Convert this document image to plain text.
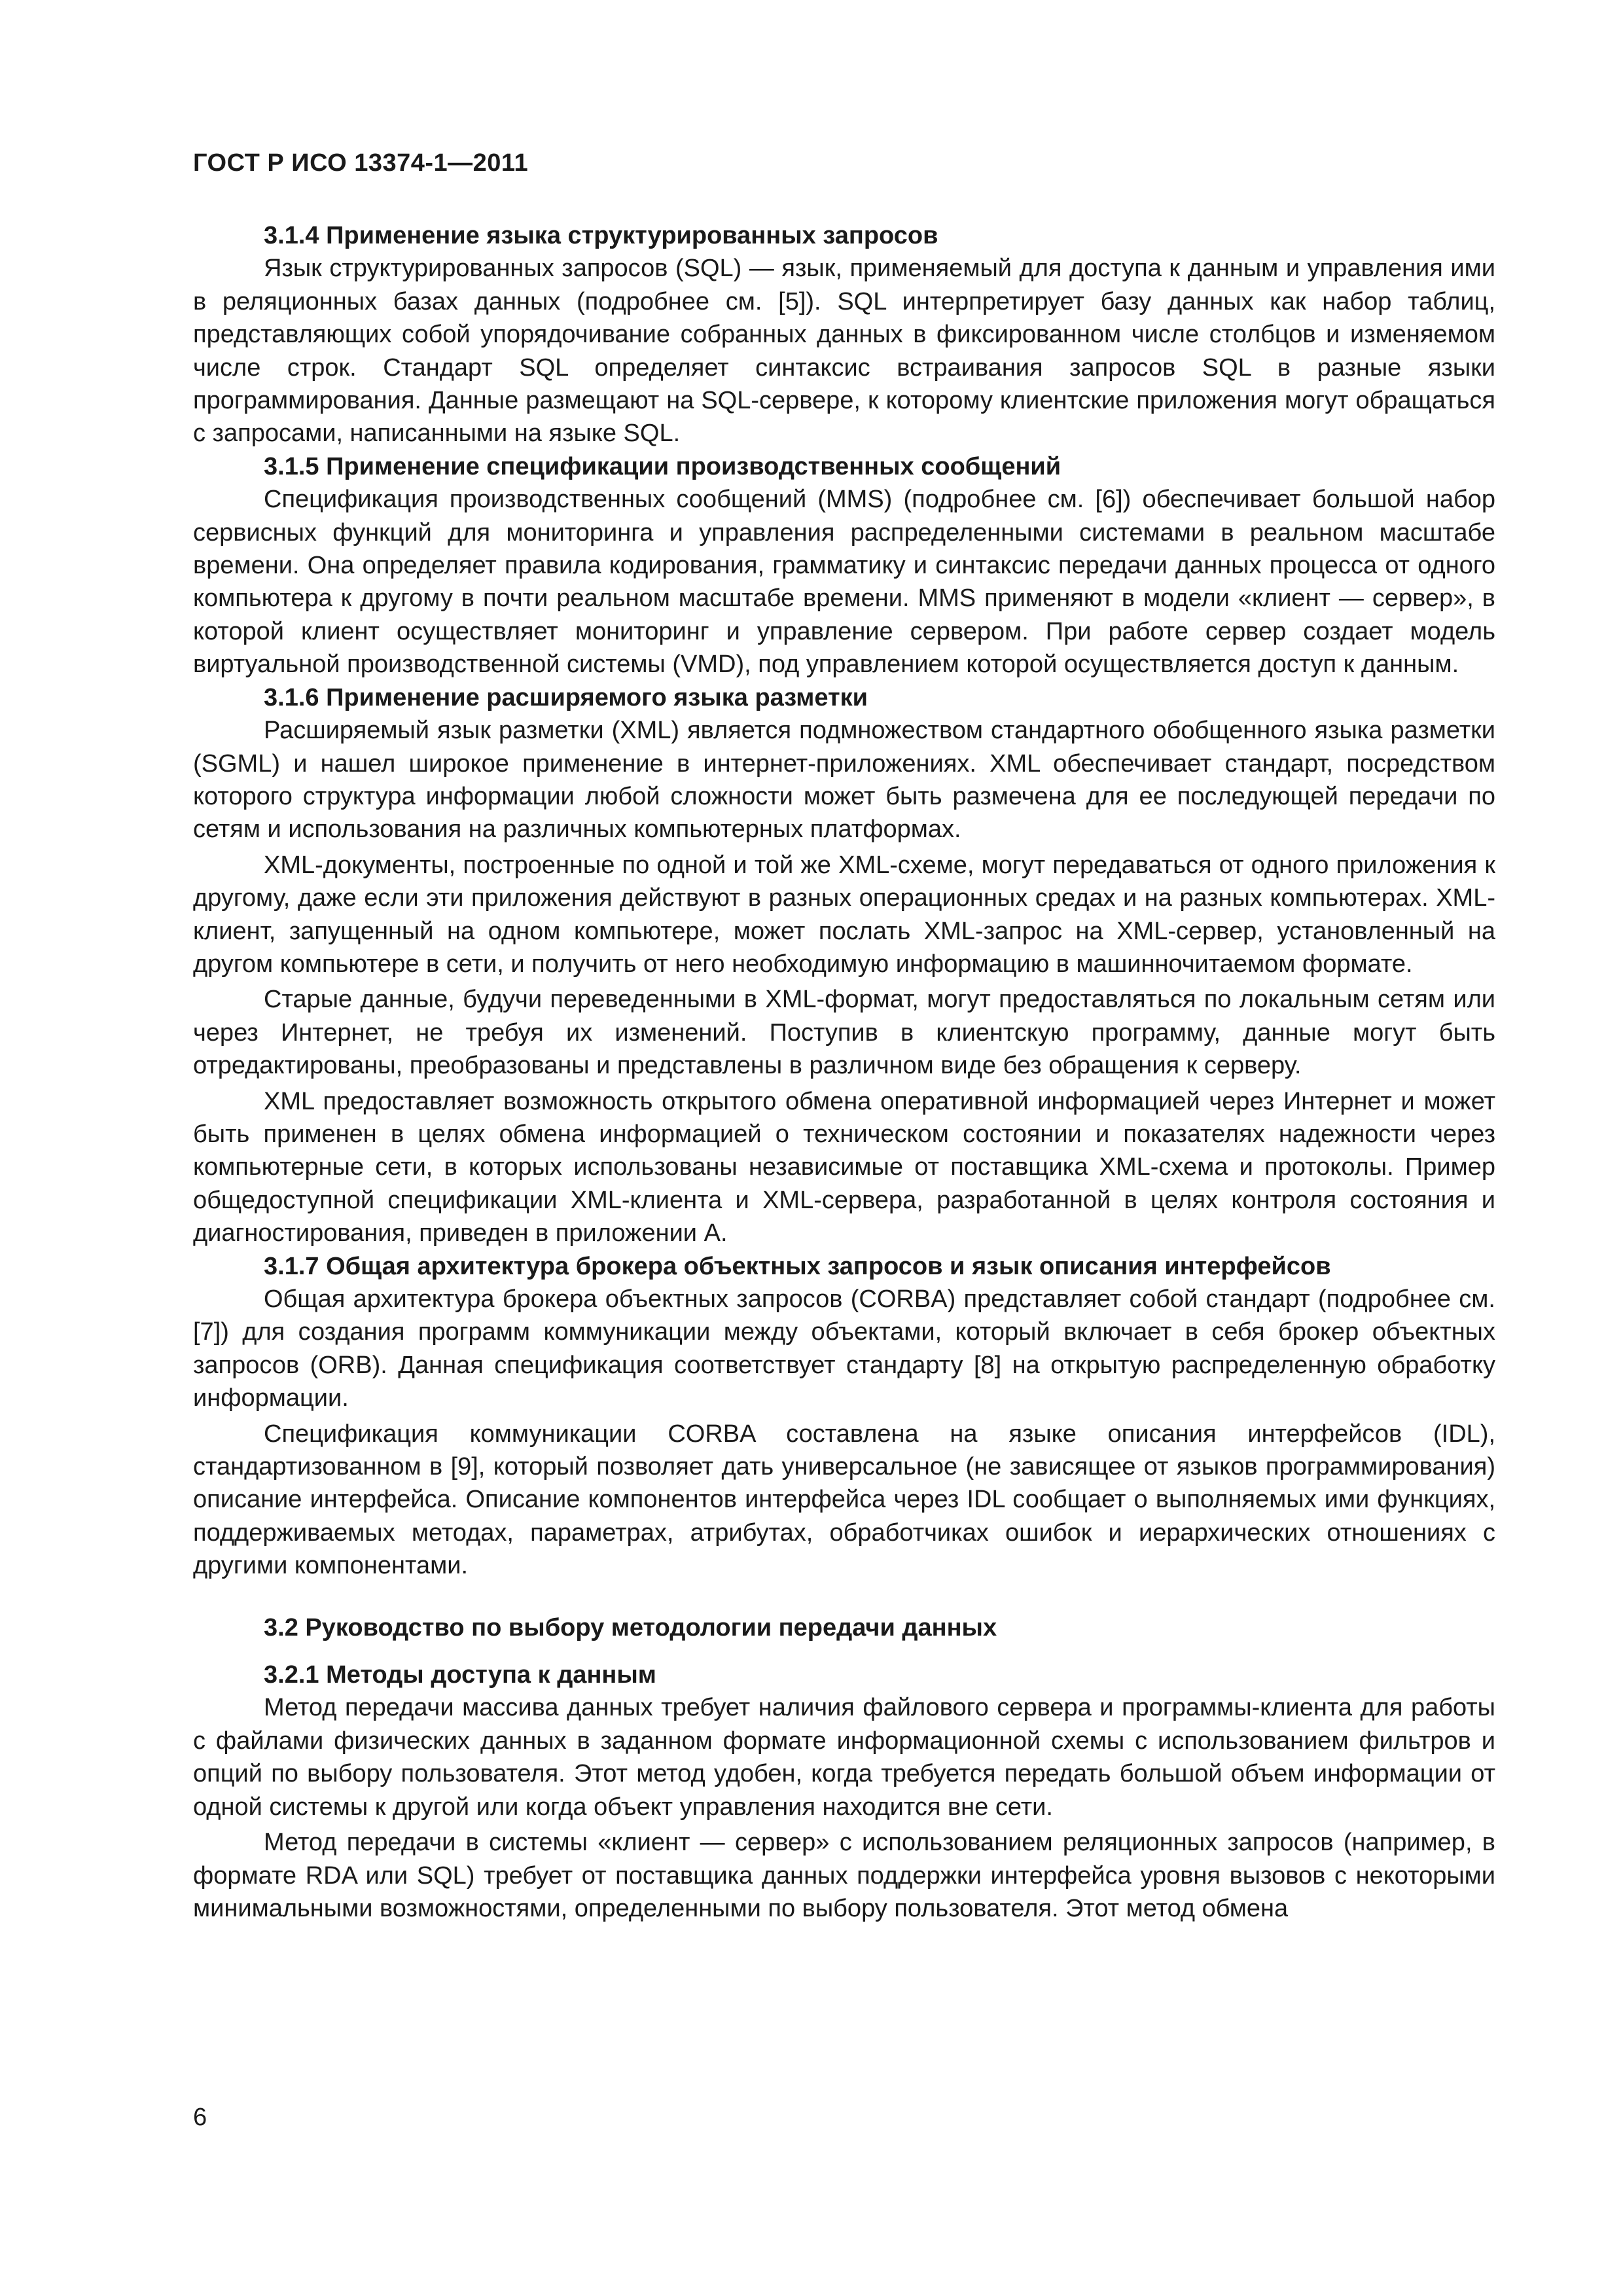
ГОСТ Р ИСО 13374-1—2011
3.1.4 Применение языка структурированных запросов

Язык структурированных запросов (SQL) — язык, применяемый для доступа к данным и управления ими в реляционных базах данных (подробнее см. [5]). SQL интерпретирует базу данных как набор таблиц, представляющих собой упорядочивание собранных данных в фиксированном числе столбцов и изменяемом числе строк. Стандарт SQL определяет синтаксис встраивания запросов SQL в разные языки программирования. Данные размещают на SQL-сервере, к которому клиентские приложения могут обращаться с запросами, написанными на языке SQL.

3.1.5 Применение спецификации производственных сообщений

Спецификация производственных сообщений (MMS) (подробнее см. [6]) обеспечивает большой набор сервисных функций для мониторинга и управления распределенными системами в реальном масштабе времени. Она определяет правила кодирования, грамматику и синтаксис передачи данных процесса от одного компьютера к другому в почти реальном масштабе времени. MMS применяют в модели «клиент — сервер», в которой клиент осуществляет мониторинг и управление сервером. При работе сервер создает модель виртуальной производственной системы (VMD), под управлением которой осуществляется доступ к данным.

3.1.6 Применение расширяемого языка разметки

Расширяемый язык разметки (XML) является подмножеством стандартного обобщенного языка разметки (SGML) и нашел широкое применение в интернет-приложениях. XML обеспечивает стандарт, посредством которого структура информации любой сложности может быть размечена для ее последующей передачи по сетям и использования на различных компьютерных платформах.

XML-документы, построенные по одной и той же XML-схеме, могут передаваться от одного приложения к другому, даже если эти приложения действуют в разных операционных средах и на разных компьютерах. XML-клиент, запущенный на одном компьютере, может послать XML-запрос на XML-сервер, установленный на другом компьютере в сети, и получить от него необходимую информацию в машинночитаемом формате.

Старые данные, будучи переведенными в XML-формат, могут предоставляться по локальным сетям или через Интернет, не требуя их изменений. Поступив в клиентскую программу, данные могут быть отредактированы, преобразованы и представлены в различном виде без обращения к серверу.

XML предоставляет возможность открытого обмена оперативной информацией через Интернет и может быть применен в целях обмена информацией о техническом состоянии и показателях надежности через компьютерные сети, в которых использованы независимые от поставщика XML-схема и протоколы. Пример общедоступной спецификации XML-клиента и XML-сервера, разработанной в целях контроля состояния и диагностирования, приведен в приложении А.

3.1.7 Общая архитектура брокера объектных запросов и язык описания интерфейсов

Общая архитектура брокера объектных запросов (CORBA) представляет собой стандарт (подробнее см. [7]) для создания программ коммуникации между объектами, который включает в себя брокер объектных запросов (ORB). Данная спецификация соответствует стандарту [8] на открытую распределенную обработку информации.

Спецификация коммуникации CORBA составлена на языке описания интерфейсов (IDL), стандартизованном в [9], который позволяет дать универсальное (не зависящее от языков программирования) описание интерфейса. Описание компонентов интерфейса через IDL сообщает о выполняемых ими функциях, поддерживаемых методах, параметрах, атрибутах, обработчиках ошибок и иерархических отношениях с другими компонентами.

3.2 Руководство по выбору методологии передачи данных
3.2.1 Методы доступа к данным

Метод передачи массива данных требует наличия файлового сервера и программы-клиента для работы с файлами физических данных в заданном формате информационной схемы с использованием фильтров и опций по выбору пользователя. Этот метод удобен, когда требуется передать большой объем информации от одной системы к другой или когда объект управления находится вне сети.

Метод передачи в системы «клиент — сервер» с использованием реляционных запросов (например, в формате RDA или SQL) требует от поставщика данных поддержки интерфейса уровня вызовов с некоторыми минимальными возможностями, определенными по выбору пользователя. Этот метод обмена

6
